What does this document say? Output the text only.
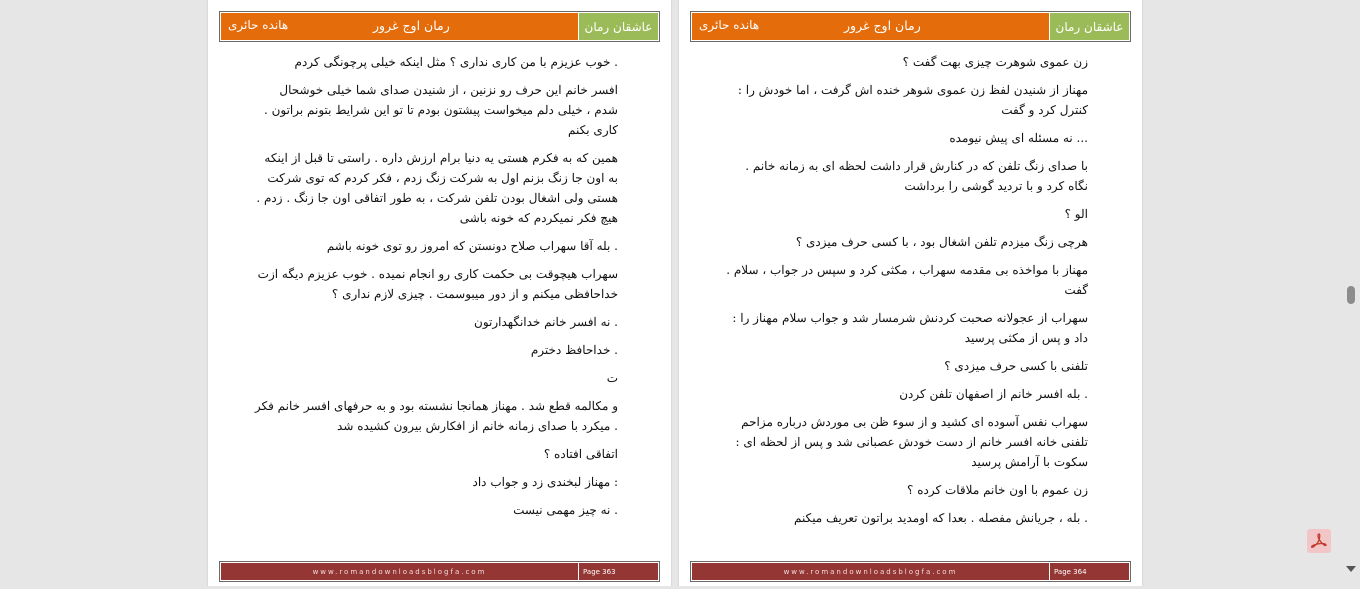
عاشقان رمان
رمان اوج غرور
هانده حائری

. خوب عزیزم با من کاری نداری ؟ مثل اینکه خیلی پرچونگی کردم

افسر خانم این حرف رو نزنین ، از شنیدن صدای شما خیلی خوشحال شدم ، خیلی دلم میخواست پیشتون بودم تا تو این شرایط بتونم براتون . کاری بکنم

همین که به فکرم هستی یه دنیا برام ارزش داره . راستی تا قبل از اینکه به اون جا زنگ بزنم اول به شرکت زنگ زدم ، فکر کردم که توی شرکت هستی ولی اشغال بودن تلفن شرکت ، به طور اتفاقی اون جا زنگ . زدم . هیچ فکر نمیکردم که خونه باشی

. بله آقا سهراب صلاح دونستن که امروز رو توی خونه باشم

سهراب هیچوقت بی حکمت کاری رو انجام نمیده . خوب عزیزم دیگه ازت خداحافظی میکنم و از دور میبوسمت . چیزی لازم نداری ؟

. نه افسر خانم خدانگهدارتون

. خداحافظ دخترم

ت

و مکالمه قطع شد . مهناز همانجا نشسته بود و به حرفهای افسر خانم فکر . میکرد با صدای زمانه خانم از افکارش بیرون کشیده شد

اتفاقی افتاده ؟

: مهناز لبخندی زد و جواب داد

. نه چیز مهمی نیست

Page 363
www.romandownloadsblogfa.com
عاشقان رمان
رمان اوج غرور
هانده حائری

زن عموی شوهرت چیزی بهت گفت ؟

مهناز از شنیدن لفظ زن عموی شوهر خنده اش گرفت ، اما خودش را : کنترل کرد و گفت

... نه مسئله ای پیش نیومده

با صدای زنگ تلفن که در کنارش قرار داشت لحظه ای به زمانه خانم . نگاه کرد و با تردید گوشی را برداشت

الو ؟

هرچی زنگ میزدم تلفن اشغال بود ، با کسی حرف میزدی ؟

مهناز با مواخذه بی مقدمه سهراب ، مکثی کرد و سپس در جواب ، سلام . گفت

سهراب از عجولانه صحبت کردنش شرمسار شد و جواب سلام مهناز را : داد و پس از مکثی پرسید

تلفنی با کسی حرف میزدی ؟

. بله افسر خانم از اصفهان تلفن کردن

سهراب نفس آسوده ای کشید و از سوء ظن بی موردش درباره مزاحم تلفنی خانه افسر خانم از دست خودش عصبانی شد و پس از لحظه ای : سکوت با آرامش پرسید

زن عموم با اون خانم ملاقات کرده ؟

. بله ، جریانش مفصله . بعدا که اومدید براتون تعریف میکنم

Page 364
www.romandownloadsblogfa.com
